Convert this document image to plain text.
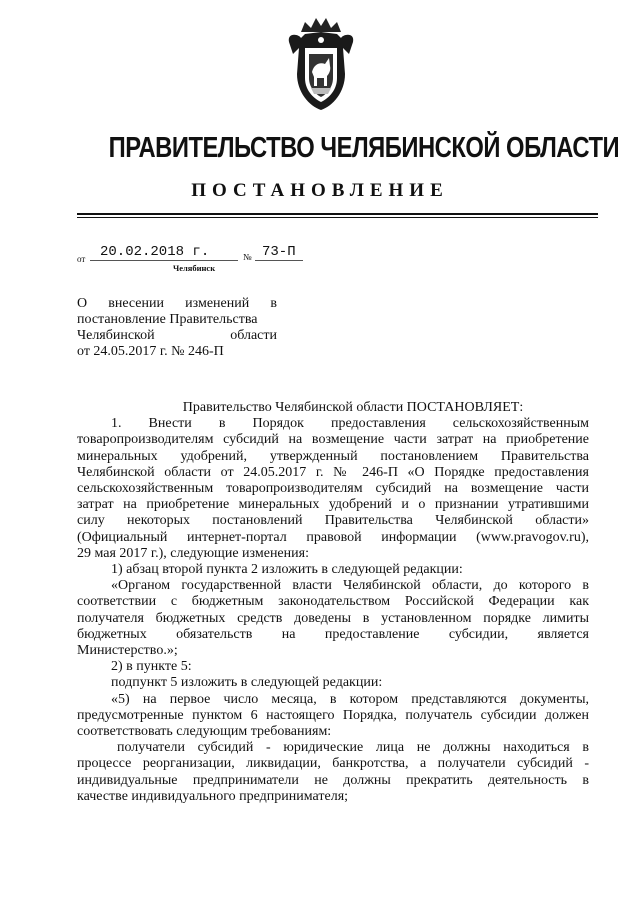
ПРАВИТЕЛЬСТВО ЧЕЛЯБИНСКОЙ ОБЛАСТИ
ПОСТАНОВЛЕНИЕ
от 20.02.2018 г.	№ 73-П
Челябинск
О внесении изменений в
постановление Правительства
Челябинской области
от 24.05.2017 г. № 246-П
Правительство Челябинской области ПОСТАНОВЛЯЕТ:
1. Внести в Порядок предоставления сельскохозяйственным
товаропроизводителям субсидий на возмещение части затрат на приобретение
минеральных удобрений, утвержденный постановлением Правительства
Челябинской области от 24.05.2017 г. № 246-П «О Порядке предоставления
сельскохозяйственным товаропроизводителям субсидий на возмещение части
затрат на приобретение минеральных удобрений и о признании утратившими
силу некоторых постановлений Правительства Челябинской области»
(Официальный интернет-портал правовой информации (www.pravogov.ru),
29 мая 2017 г.), следующие изменения:
1) абзац второй пункта 2 изложить в следующей редакции:
«Органом государственной власти Челябинской области, до которого в
соответствии с бюджетным законодательством Российской Федерации как
получателя бюджетных средств доведены в установленном порядке лимиты
бюджетных обязательств на предоставление субсидии, является
Министерство.»;
2) в пункте 5:
подпункт 5 изложить в следующей редакции:
«5) на первое число месяца, в котором представляются документы,
предусмотренные пунктом 6 настоящего Порядка, получатель субсидии должен
соответствовать следующим требованиям:
получатели субсидий - юридические лица не должны находиться в
процессе реорганизации, ликвидации, банкротства, а получатели субсидий -
индивидуальные предприниматели не должны прекратить деятельность в
качестве индивидуального предпринимателя;
